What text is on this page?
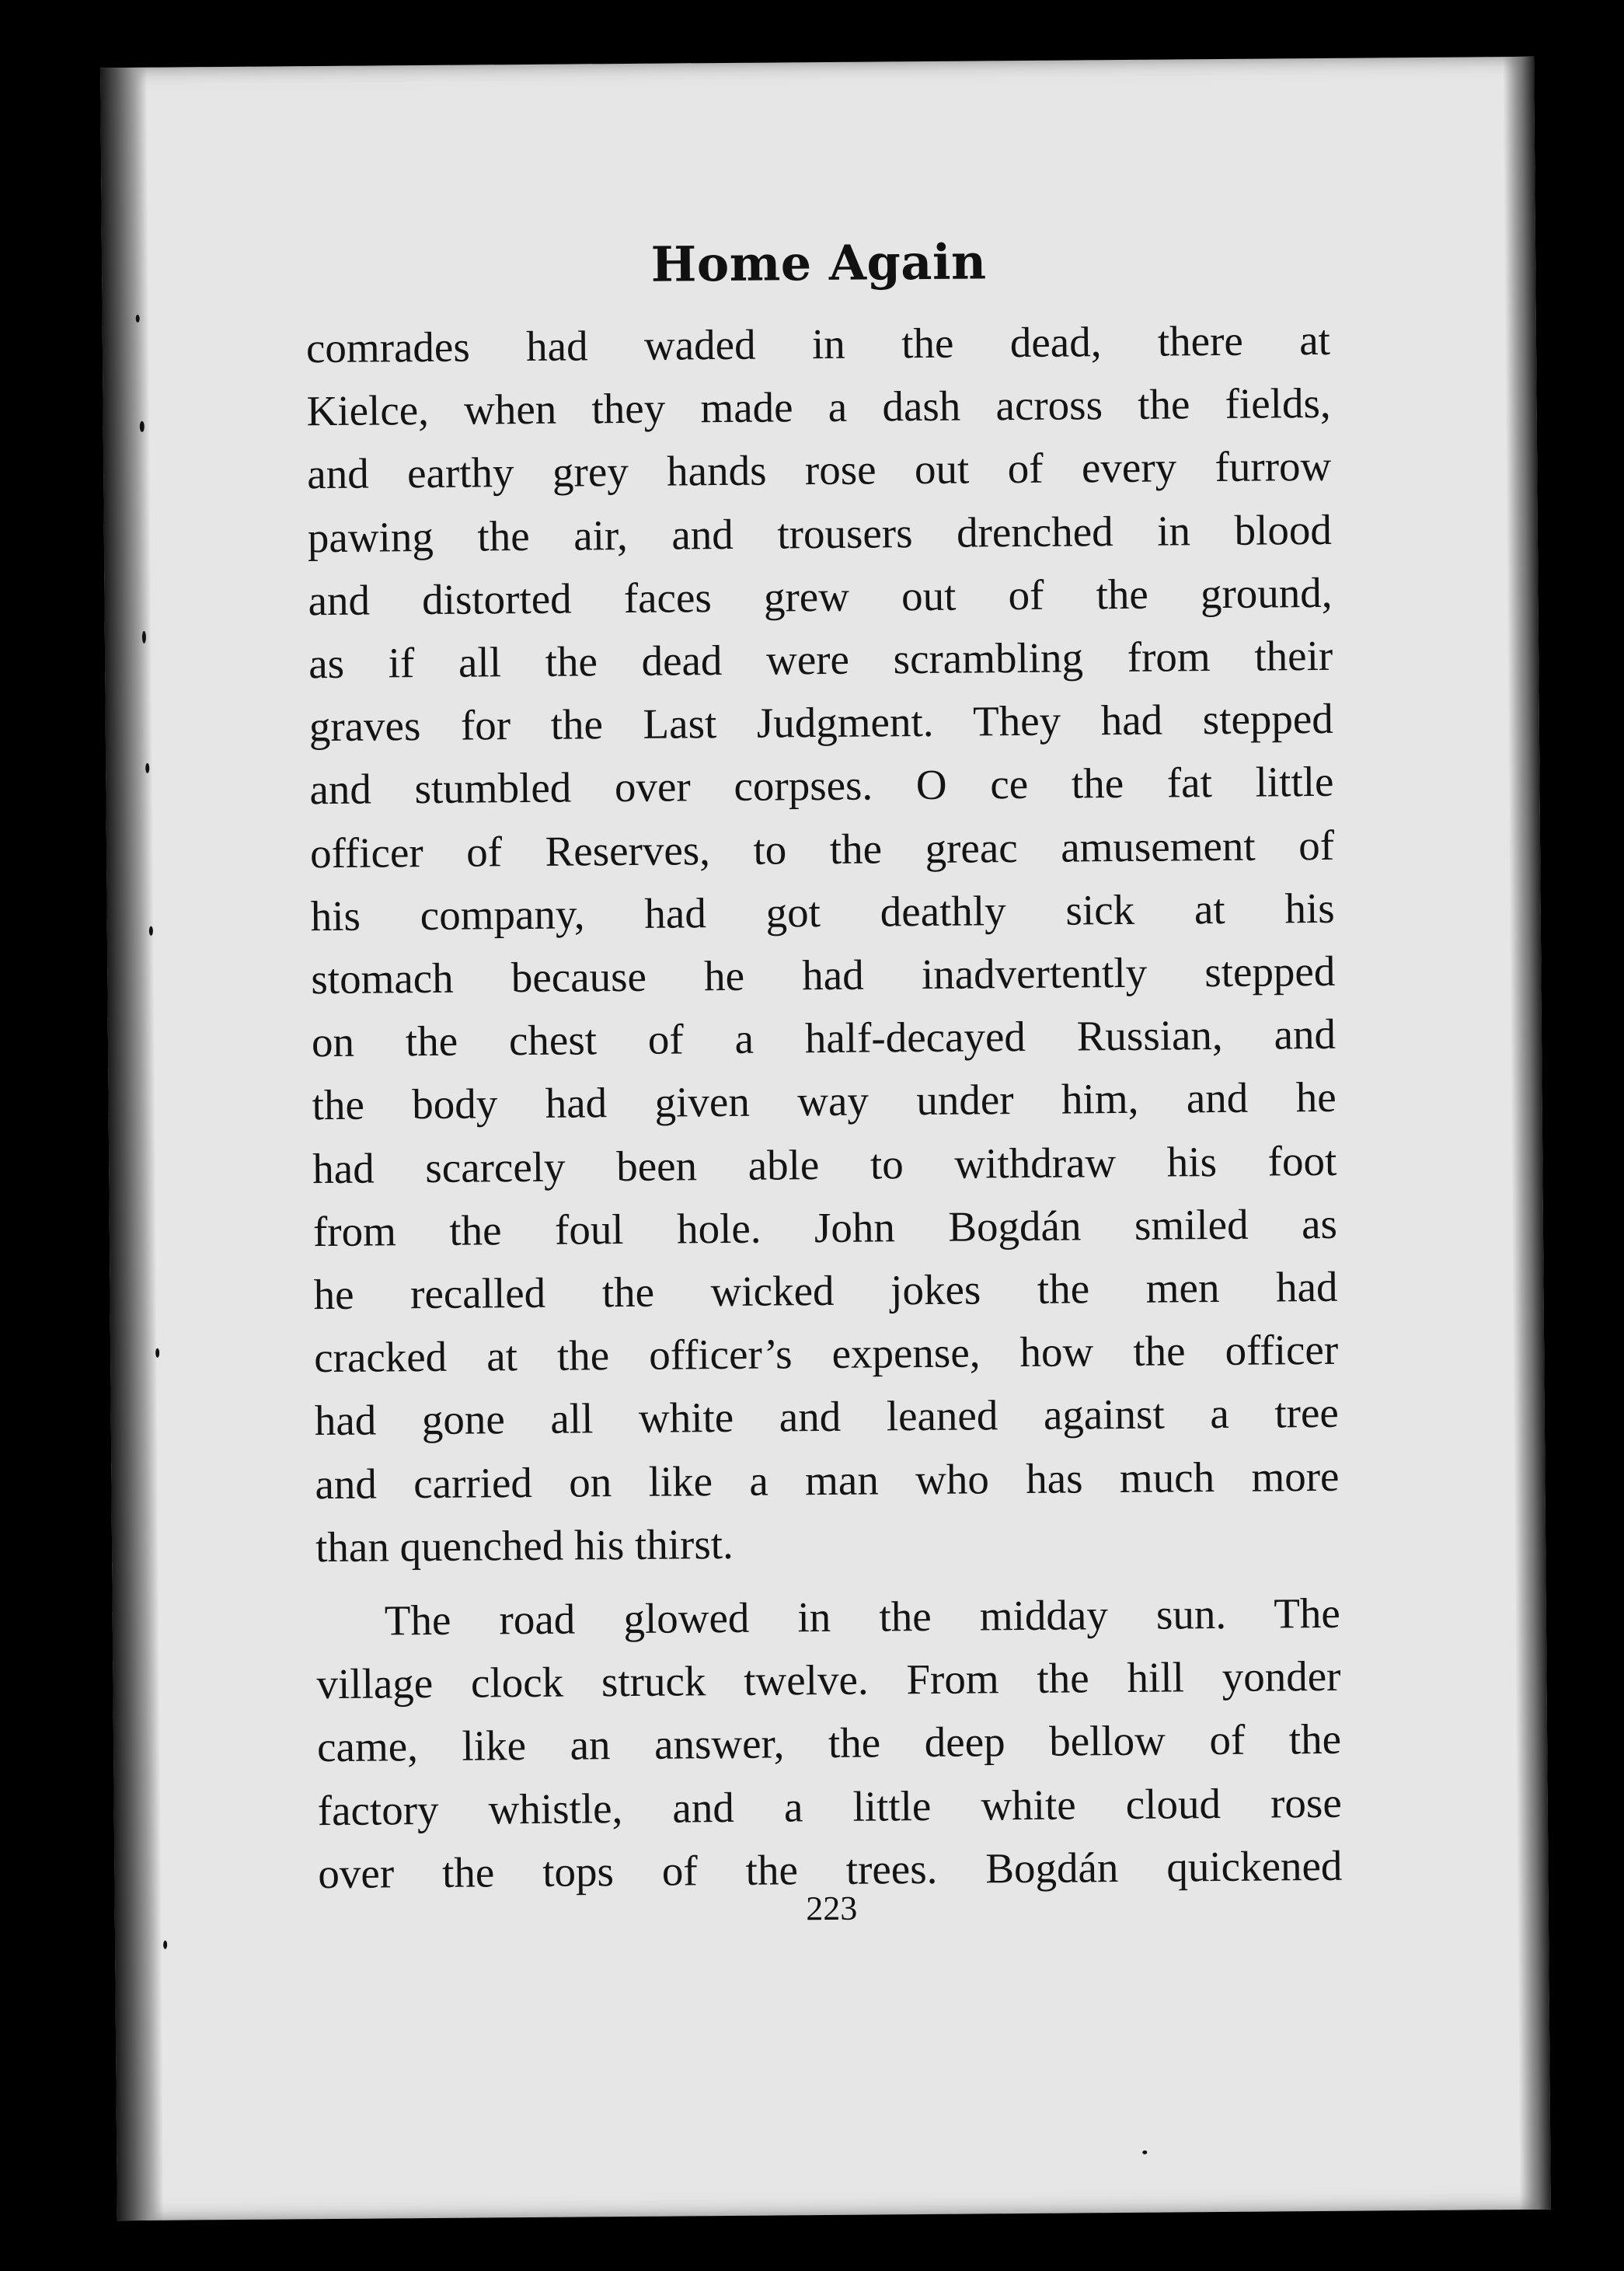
Home Again
comrades had waded in the dead, there at
Kielce, when they made a dash across the fields,
and earthy grey hands rose out of every furrow
pawing the air, and trousers drenched in blood
and distorted faces grew out of the ground,
as if all the dead were scrambling from their
graves for the Last Judgment. They had stepped
and stumbled over corpses. O ce the fat little
officer of Reserves, to the greac amusement of
his company, had got deathly sick at his
stomach because he had inadvertently stepped
on the chest of a half-decayed Russian, and
the body had given way under him, and he
had scarcely been able to withdraw his foot
from the foul hole. John Bogdán smiled as
he recalled the wicked jokes the men had
cracked at the officer’s expense, how the officer
had gone all white and leaned against a tree
and carried on like a man who has much more
than quenched his thirst.
The road glowed in the midday sun. The
village clock struck twelve. From the hill yonder
came, like an answer, the deep bellow of the
factory whistle, and a little white cloud rose
over the tops of the trees. Bogdán quickened
223
